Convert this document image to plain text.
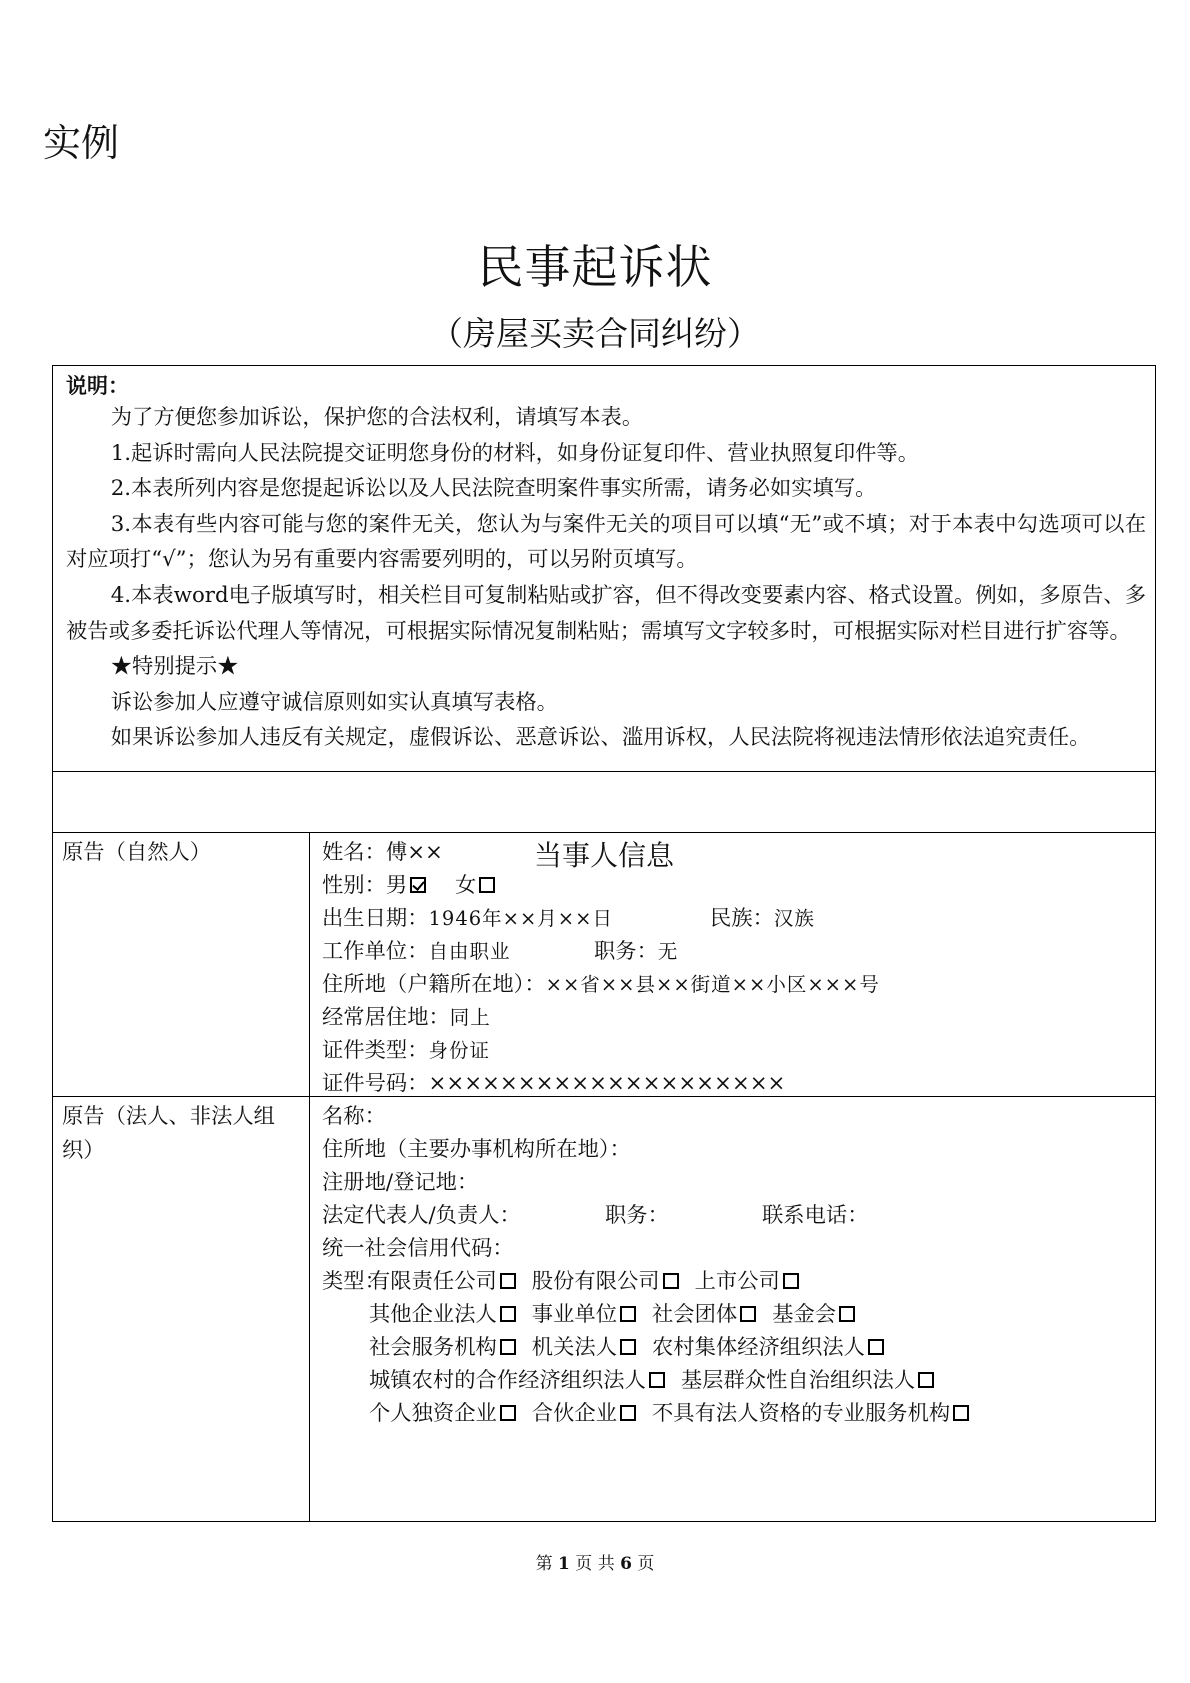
实例
民事起诉状
（房屋买卖合同纠纷）
说明：

为了方便您参加诉讼，保护您的合法权利，请填写本表。

1.起诉时需向人民法院提交证明您身份的材料，如身份证复印件、营业执照复印件等。

2.本表所列内容是您提起诉讼以及人民法院查明案件事实所需，请务必如实填写。

3.本表有些内容可能与您的案件无关，您认为与案件无关的项目可以填“无”或不填；对于本表中勾选项可以在对应项打“√”；您认为另有重要内容需要列明的，可以另附页填写。

4.本表word电子版填写时，相关栏目可复制粘贴或扩容，但不得改变要素内容、格式设置。例如，多原告、多被告或多委托诉讼代理人等情况，可根据实际情况复制粘贴；需填写文字较多时，可根据实际对栏目进行扩容等。

★特别提示★

诉讼参加人应遵守诚信原则如实认真填写表格。

如果诉讼参加人违反有关规定，虚假诉讼、恶意诉讼、滥用诉权，人民法院将视违法情形依法追究责任。

当事人信息
原告（自然人）	姓名：傅××
性别：男 女
出生日期：1946年××月××日	民族：汉族
工作单位：自由职业	职务：无
住所地（户籍所在地）：××省××县××街道××小区×××号
经常居住地：同上
证件类型：身份证
证件号码：××××××××××××××××××××
原告（法人、非法人组织）
名称：
住所地（主要办事机构所在地）：
注册地/登记地：
法定代表人/负责人：	职务：	联系电话：
统一社会信用代码：
类型：
有限责任公司 股份有限公司 上市公司
其他企业法人 事业单位 社会团体 基金会
社会服务机构 机关法人 农村集体经济组织法人
城镇农村的合作经济组织法人 基层群众性自治组织法人
个人独资企业 合伙企业 不具有法人资格的专业服务机构
第 1 页 共 6 页
